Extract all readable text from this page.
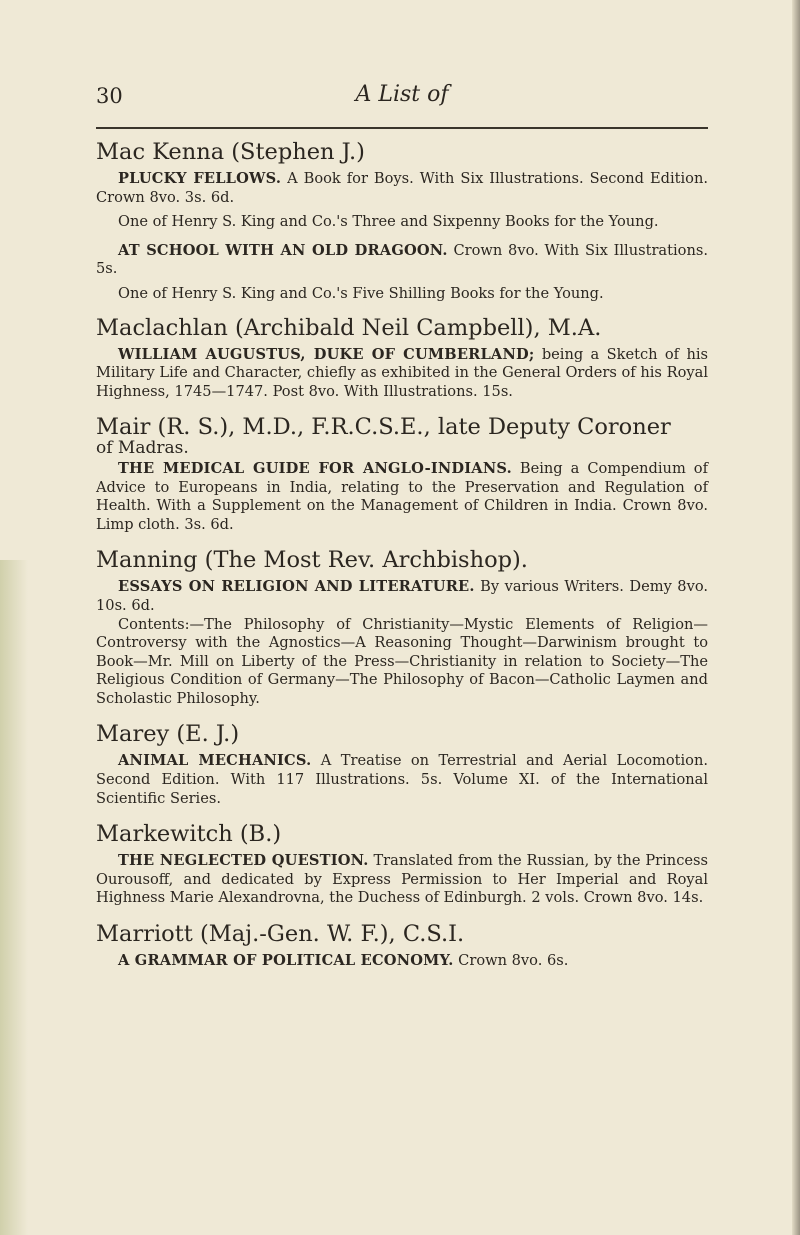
30	A List of

Mac Kenna (Stephen J.)

PLUCKY FELLOWS. A Book for Boys. With Six Illustrations. Second Edition. Crown 8vo. 3s. 6d.

One of Henry S. King and Co.'s Three and Sixpenny Books for the Young.

AT SCHOOL WITH AN OLD DRAGOON. Crown 8vo. With Six Illustrations. 5s.

One of Henry S. King and Co.'s Five Shilling Books for the Young.

Maclachlan (Archibald Neil Campbell), M.A.

WILLIAM AUGUSTUS, DUKE OF CUMBERLAND; being a Sketch of his Military Life and Character, chiefly as exhibited in the General Orders of his Royal Highness, 1745—1747. Post 8vo. With Illustrations. 15s.

Mair (R. S.), M.D., F.R.C.S.E., late Deputy Coroner

of Madras.

THE MEDICAL GUIDE FOR ANGLO-INDIANS. Being a Compendium of Advice to Europeans in India, relating to the Preservation and Regulation of Health. With a Supplement on the Management of Children in India. Crown 8vo. Limp cloth. 3s. 6d.

Manning (The Most Rev. Archbishop).

ESSAYS ON RELIGION AND LITERATURE. By various Writers. Demy 8vo. 10s. 6d.

Contents:—The Philosophy of Christianity—Mystic Elements of Religion—Controversy with the Agnostics—A Reasoning Thought—Darwinism brought to Book—Mr. Mill on Liberty of the Press—Christianity in relation to Society—The Religious Condition of Germany—The Philosophy of Bacon—Catholic Laymen and Scholastic Philosophy.

Marey (E. J.)

ANIMAL MECHANICS. A Treatise on Terrestrial and Aerial Locomotion. Second Edition. With 117 Illustrations. 5s. Volume XI. of the International Scientific Series.

Markewitch (B.)

THE NEGLECTED QUESTION. Translated from the Russian, by the Princess Ourousoff, and dedicated by Express Permission to Her Imperial and Royal Highness Marie Alexandrovna, the Duchess of Edinburgh. 2 vols. Crown 8vo. 14s.

Marriott (Maj.-Gen. W. F.), C.S.I.

A GRAMMAR OF POLITICAL ECONOMY. Crown 8vo. 6s.
